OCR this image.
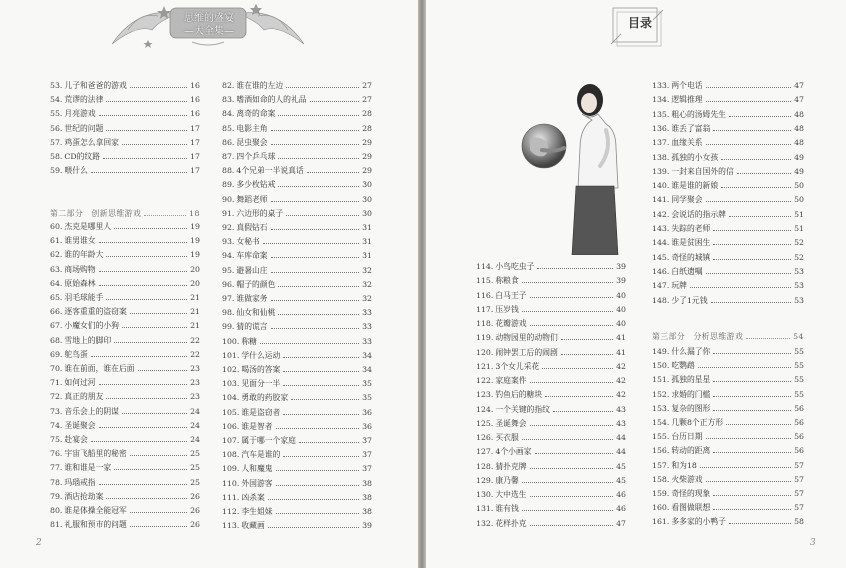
思维的盛宴
—大全集—
53. 儿子和爸爸的游戏	16
54. 荒谬的法律	16
55. 月亮游戏	16
56. 世纪的问题	17
57. 鸡蛋怎么拿回家	17
58. CD的纹路	17
59. 喂什么	17
第二部分　创新思维游戏	18
60. 杰克是哪里人	19
61. 谁男谁女	19
62. 谁的年龄大	19
63. 商场购物	20
64. 原始森林	20
65. 羽毛球能手	21
66. 逐客重重的盗窃案	21
67. 小魔女们的小狗	21
68. 雪地上的脚印	22
69. 鸵鸟蛋	22
70. 谁在前面，谁在后面	23
71. 如何过河	23
72. 真正的朋友	23
73. 音乐会上的阴谋	24
74. 圣诞聚会	24
75. 赴宴会	24
76. 宇宙飞船里的秘密	25
77. 谁和谁是一家	25
78. 玛瑙戒指	25
79. 酒店抢劫案	26
80. 谁是体操全能冠军	26
81. 礼服和预市的问题	26
82. 谁在谁的左边	27
83. 嗜酒如命的人的礼品	27
84. 离奇的命案	28
85. 电影主角	28
86. 昆虫聚会	29
87. 四个乒乓球	29
88. 4个兄弟一半说真话	29
89. 多少枚钻戒	30
90. 舞蹈老师	30
91. 六边形的桌子	30
92. 真假钻石	31
93. 女秘书	31
94. 车库命案	31
95. 避暑山庄	32
96. 帽子的颜色	32
97. 谁做家务	32
98. 仙女和仙桃	33
99. 猜的谎言	33
100. 称糖	33
101. 学什么运动	34
102. 喝汤的答案	34
103. 见面分一半	35
104. 勇敢的药胶家	35
105. 谁是盗窃者	36
106. 谁是智者	36
107. 属于哪一个家庭	37
108. 汽车是谁的	37
109. 人和魔鬼	37
110. 外国游客	38
111. 凶杀案	38
112. 李生姐妹	38
113. 收藏画	39
2
目录
114. 小鸟吃虫子	39
115. 称粮食	39
116. 白马王子	40
117. 压岁钱	40
118. 花瓣游戏	40
119. 动物园里的动物们	41
120. 闹钟罢工后的闹剧	41
121. 3个女儿采花	42
122. 家庭案件	42
123. 钓鱼后的糖块	42
124. 一个关键的指纹	43
125. 圣诞舞会	43
126. 买衣服	44
127. 4个小画家	44
128. 猜扑克牌	45
129. 康乃馨	45
130. 大中选生	46
131. 谁有钱	46
132. 花样扑克	47
133. 两个电话	47
134. 逻辑推理	47
135. 粗心的汤姆先生	48
136. 谁丢了富翁	48
137. 血缘关系	48
138. 孤独的小女孩	49
139. 一封来自国外的信	49
140. 谁是谁的新娘	50
141. 同学聚会	50
142. 会说话的指示牌	51
143. 失踪的老师	51
144. 谁是贫困生	52
145. 奇怪的城镇	52
146. 白纸遗嘱	53
147. 玩牌	53
148. 少了1元钱	53
第三部分　分析思维游戏	54
149. 什么漏了你	55
150. 吃鹦鹉	55
151. 孤独的星星	55
152. 求婚的门槛	55
153. 复杂的图形	56
154. 几颗8个正方形	56
155. 台历日期	56
156. 转动的距离	56
157. 和为18	57
158. 火柴游戏	57
159. 奇怪的现象	57
160. 看图做联想	57
161. 多多家的小鸭子	58
3
